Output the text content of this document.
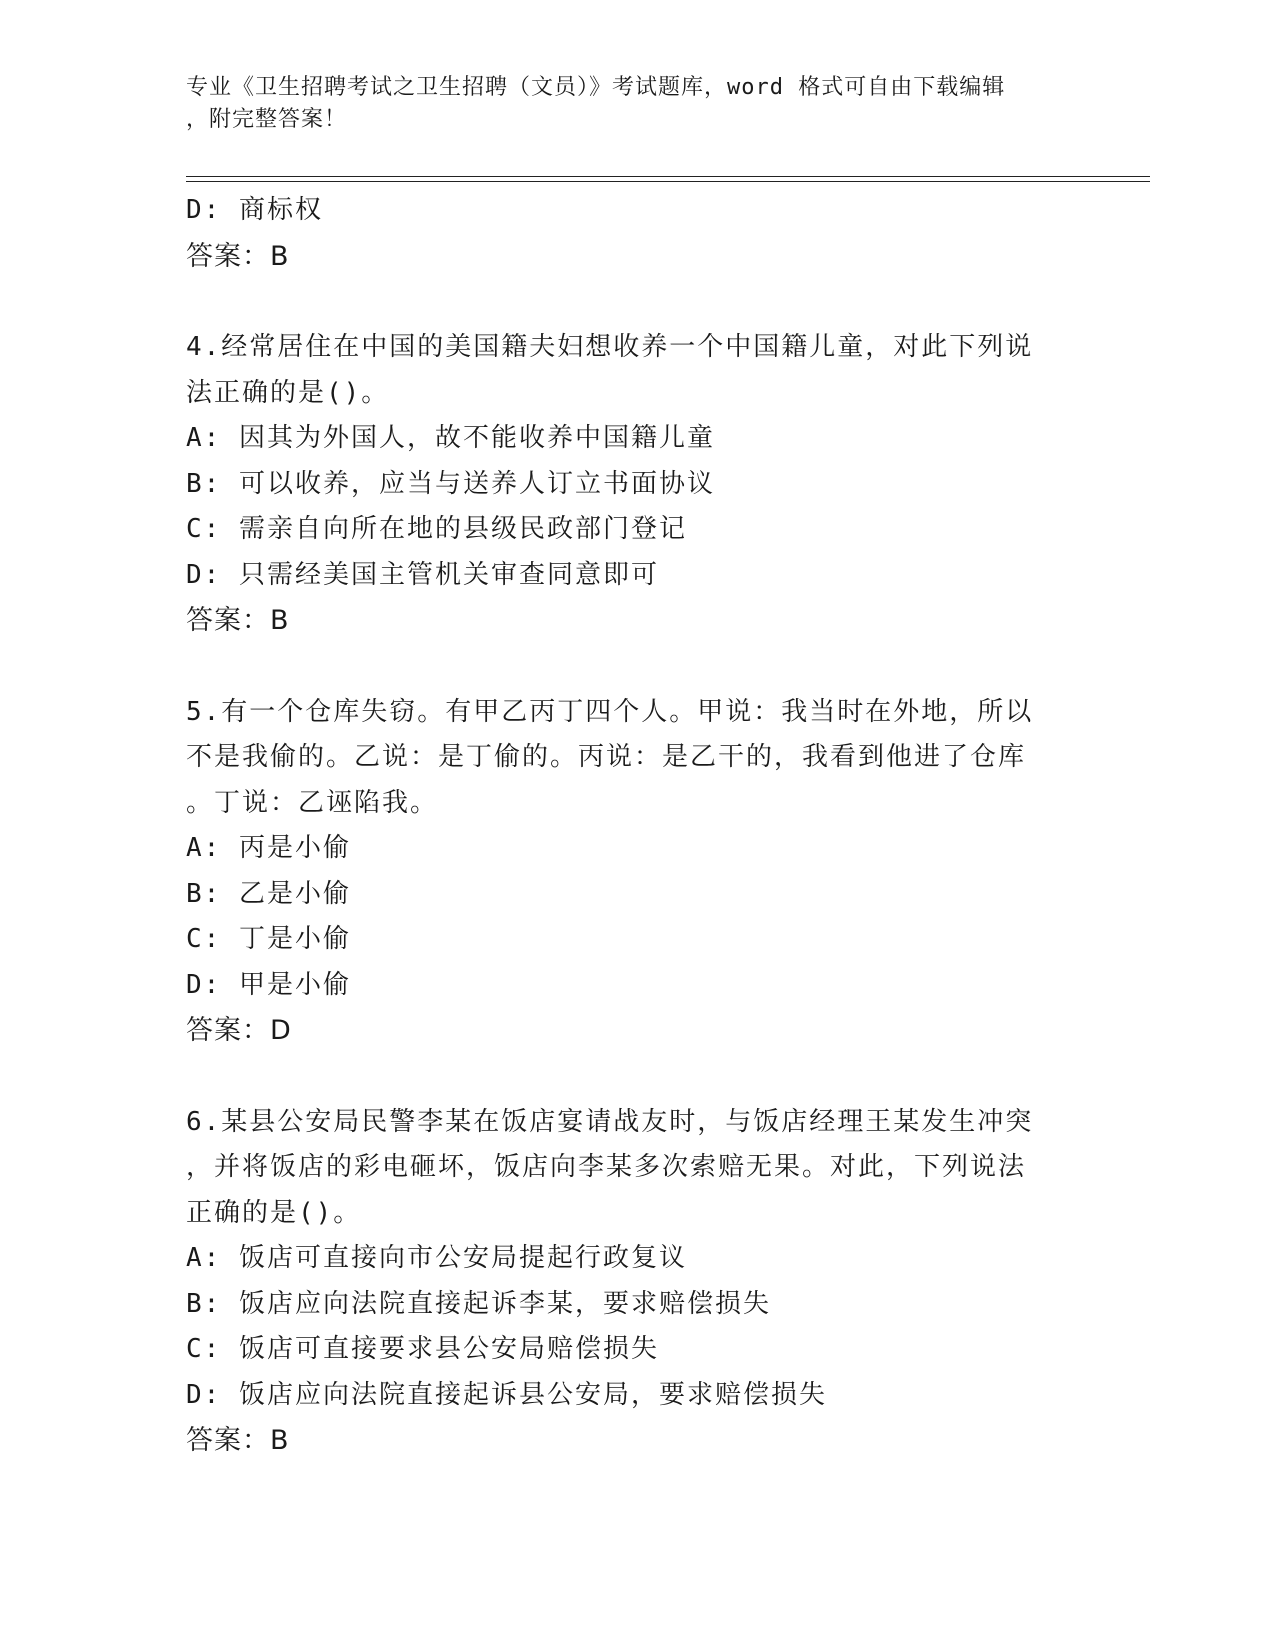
专业《卫生招聘考试之卫生招聘（文员）》考试题库，word 格式可自由下载编辑
，附完整答案！
D: 商标权
答案：B
4.经常居住在中国的美国籍夫妇想收养一个中国籍儿童，对此下列说
法正确的是()。
A: 因其为外国人，故不能收养中国籍儿童
B: 可以收养，应当与送养人订立书面协议
C: 需亲自向所在地的县级民政部门登记
D: 只需经美国主管机关审查同意即可
答案：B
5.有一个仓库失窃。有甲乙丙丁四个人。甲说：我当时在外地，所以
不是我偷的。乙说：是丁偷的。丙说：是乙干的，我看到他进了仓库
。丁说：乙诬陷我。
A: 丙是小偷
B: 乙是小偷
C: 丁是小偷
D: 甲是小偷
答案：D
6.某县公安局民警李某在饭店宴请战友时，与饭店经理王某发生冲突
，并将饭店的彩电砸坏，饭店向李某多次索赔无果。对此，下列说法
正确的是()。
A: 饭店可直接向市公安局提起行政复议
B: 饭店应向法院直接起诉李某，要求赔偿损失
C: 饭店可直接要求县公安局赔偿损失
D: 饭店应向法院直接起诉县公安局，要求赔偿损失
答案：B
